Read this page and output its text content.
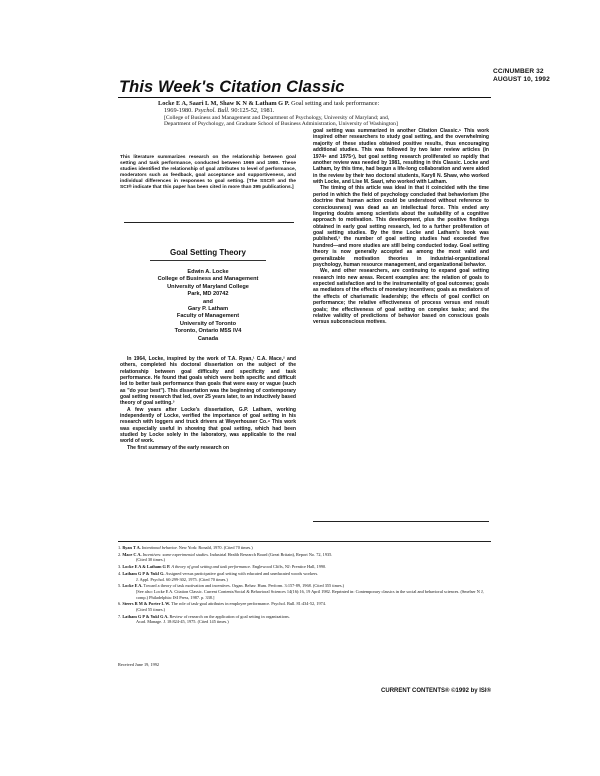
CC/NUMBER 32
AUGUST 10, 1992
This Week's Citation Classic
Locke E A, Saari L M, Shaw K N & Latham G P. Goal setting and task performance:
1969-1980. Psychol. Bull. 90:125-52, 1981.
[College of Business and Management and Department of Psychology, University of Maryland; and,
Department of Psychology, and Graduate School of Business Administration, University of Washington]
This literature summarizes research on the relationship between goal setting and task performance, conducted between 1969 and 1980. These studies identified the relationship of goal attributes to level of performance, moderators such as feedback, goal acceptance and supportiveness, and individual differences in responses to goal setting. [The SSCI® and the SCI® indicate that this paper has been cited in more than 395 publications.]
Goal Setting Theory
Edwin A. Locke
College of Business and Management
University of Maryland College
Park, MD 20742
and
Gary P. Latham
Faculty of Management
University of Toronto
Toronto, Ontario M5S IV4
Canada

In 1964, Locke, inspired by the work of T.A. Ryan,¹ C.A. Mace,² and others, completed his doctoral dissertation on the subject of the relationship between goal difficulty and specificity and task performance. He found that goals which were both specific and difficult led to better task performance than goals that were easy or vague (such as "do your best"). This dissertation was the beginning of contemporary goal setting research that led, over 25 years later, to an inductively based theory of goal setting.³

A few years after Locke's dissertation, G.P. Latham, working independently of Locke, verified the importance of goal setting in his research with loggers and truck drivers at Weyerhouser Co.⁴ This work was especially useful in showing that goal setting, which had been studied by Locke solely in the laboratory, was applicable to the real world of work.

The first summary of the early research on

goal setting was summarized in another Citation Classic.⁵ This work inspired other researchers to study goal setting, and the overwhelming majority of these studies obtained positive results, thus encouraging additional studies. This was followed by two later review articles (in 1974⁶ and 1975⁷), but goal setting research proliferated so rapidly that another review was needed by 1981, resulting in this Classic. Locke and Latham, by this time, had begun a life-long collaboration and were aided in the review by their two doctoral students, Karyll N. Shaw, who worked with Locke, and Lise M. Saari, who worked with Latham.

The timing of this article was ideal in that it coincided with the time period in which the field of psychology concluded that behaviorism (the doctrine that human action could be understood without reference to consciousness) was dead as an intellectual force. This ended any lingering doubts among scientists about the suitability of a cognitive approach to motivation. This development, plus the positive findings obtained in early goal setting research, led to a further proliferation of goal setting studies. By the time Locke and Latham's book was published,³ the number of goal setting studies had exceeded five hundred—and more studies are still being conducted today. Goal setting theory is now generally accepted as among the most valid and generalizable motivation theories in industrial-organizational psychology, human resource management, and organizational behavior.

We, and other researchers, are continuing to expand goal setting research into new areas. Recent examples are: the relation of goals to expected satisfaction and to the instrumentality of goal outcomes; goals as mediators of the effects of monetary incentives; goals as mediators of the effects of charismatic leadership; the effects of goal conflict on performance; the relative effectiveness of process versus end result goals; the effectiveness of goal setting on complex tasks; and the relative validity of predictions of behavior based on conscious goals versus subconscious motives.

1. Ryan T A. Intentional behavior. New York: Ronald, 1970. (Cited 70 times.)
2. Mace C A. Incentives: some experimental studies. Industrial Health Research Board (Great Britain), Report No. 72, 1935.
(Cited 30 times.)
3. Locke E A & Latham G P. A theory of goal setting and task performance. Englewood Cliffs, NJ: Prentice Hall, 1990.
4. Latham G P & Yukl G. Assigned versus participative goal setting with educated and uneducated woods workers.
J. Appl. Psychol. 60:299-302, 1975. (Cited 70 times.)
5. Locke E A. Toward a theory of task motivation and incentives. Organ. Behav. Hum. Perform. 3:157-89, 1968. (Cited 355 times.)
[See also: Locke E A. Citation Classic. Current Contents/Social & Behavioral Sciences 14(16):16, 19 April 1982. Reprinted in: Contemporary classics in the social and behavioral sciences. (Smelser N J, comp.) Philadelphia: ISI Press, 1987. p. 338.]
6. Steers R M & Porter L W. The role of task-goal attributes in employee performance. Psychol. Bull. 81:434-52, 1974.
(Cited 55 times.)
7. Latham G P & Yukl G A. Review of research on the application of goal setting in organizations.
Acad. Manage. J. 18:824-45, 1975. (Cited 145 times.)
Received June 19, 1992
CURRENT CONTENTS® ©1992 by ISI®
